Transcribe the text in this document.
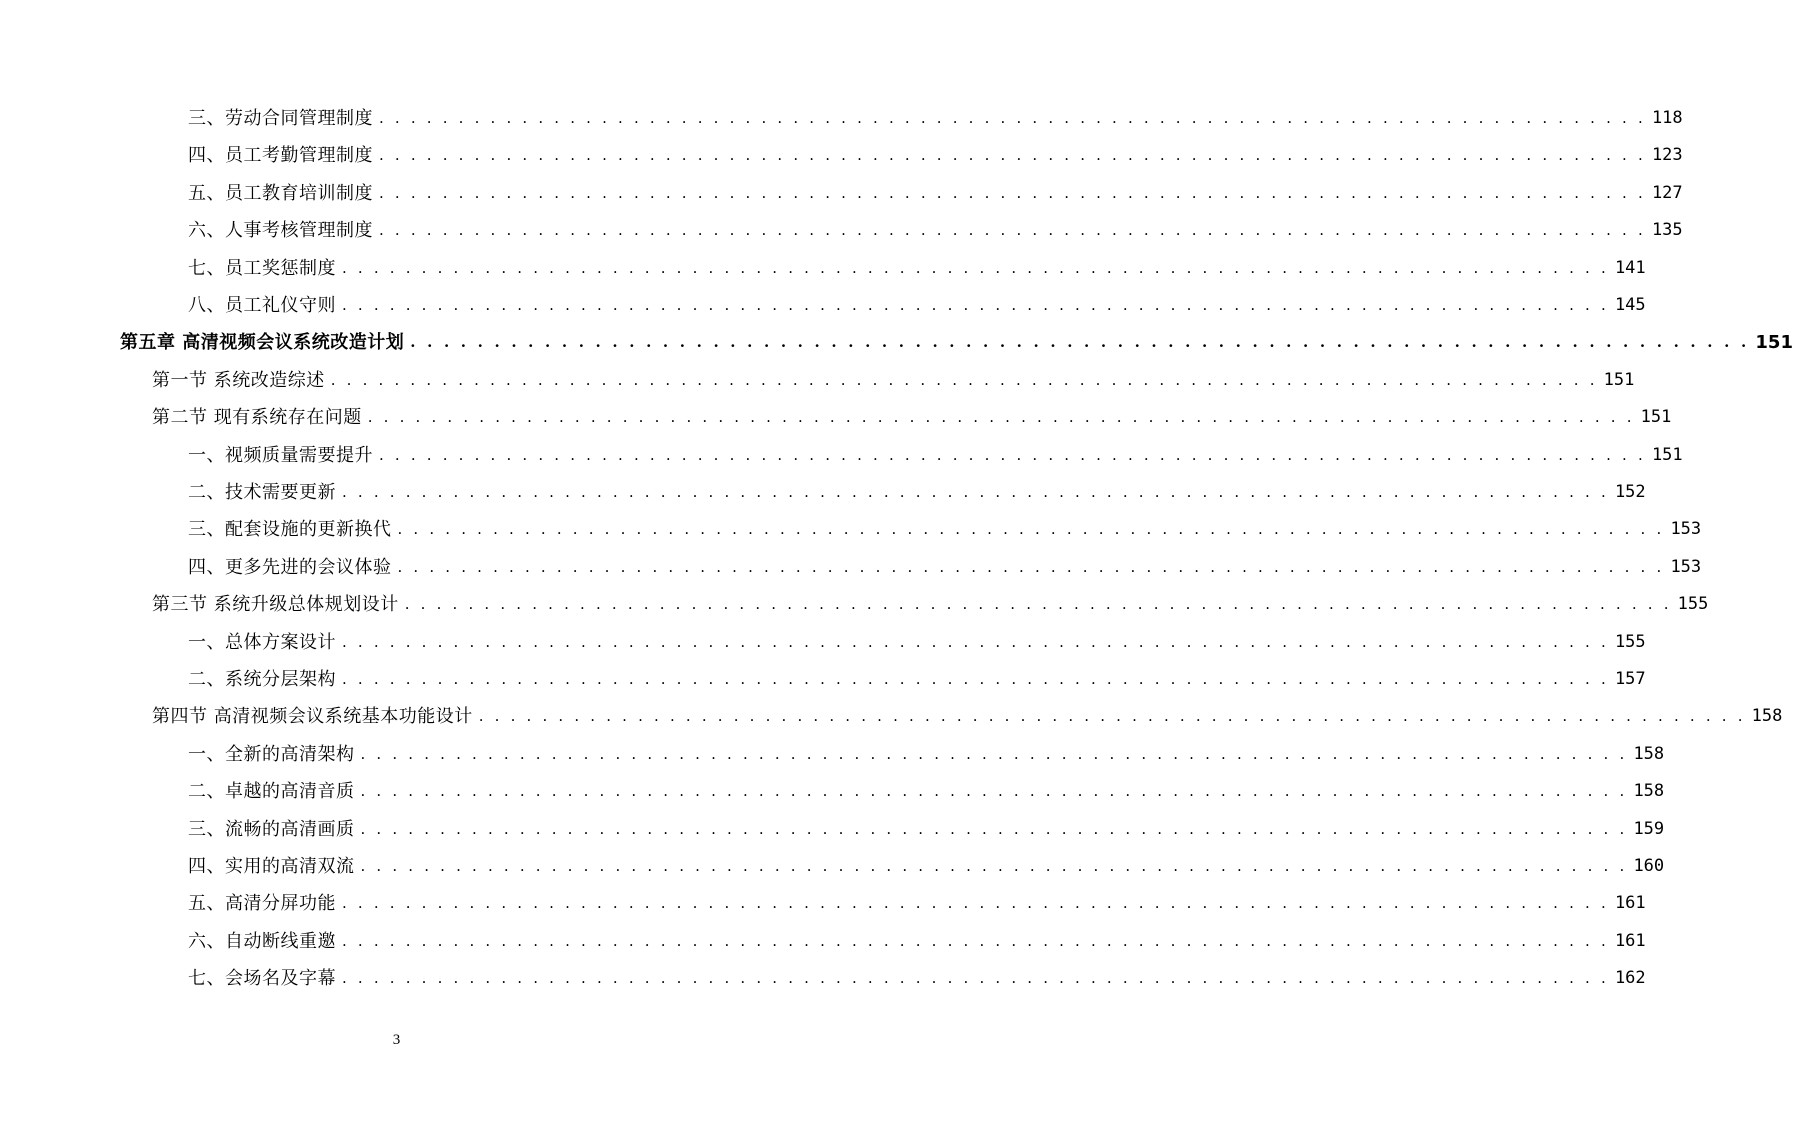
三、劳动合同管理制度 . . . . . . . . . . . . . . . . . . . . . . . . . . . . . . . . . . . . . . . . . . . . . . . . . . . . . . . . . . . . . . . . . . . . . . . . . . . . . . . . 118
四、员工考勤管理制度 . . . . . . . . . . . . . . . . . . . . . . . . . . . . . . . . . . . . . . . . . . . . . . . . . . . . . . . . . . . . . . . . . . . . . . . . . . . . . . . . 123
五、员工教育培训制度 . . . . . . . . . . . . . . . . . . . . . . . . . . . . . . . . . . . . . . . . . . . . . . . . . . . . . . . . . . . . . . . . . . . . . . . . . . . . . . . . 127
六、人事考核管理制度 . . . . . . . . . . . . . . . . . . . . . . . . . . . . . . . . . . . . . . . . . . . . . . . . . . . . . . . . . . . . . . . . . . . . . . . . . . . . . . . . 135
七、员工奖惩制度 . . . . . . . . . . . . . . . . . . . . . . . . . . . . . . . . . . . . . . . . . . . . . . . . . . . . . . . . . . . . . . . . . . . . . . . . . . . . . . . . 141
八、员工礼仪守则 . . . . . . . . . . . . . . . . . . . . . . . . . . . . . . . . . . . . . . . . . . . . . . . . . . . . . . . . . . . . . . . . . . . . . . . . . . . . . . . . 145
第五章 高清视频会议系统改造计划 . . . . . . . . . . . . . . . . . . . . . . . . . . . . . . . . . . . . . . . . . . . . . . . . . . . . . . . . . . . . . . . . . . . . . . . . . . . . . . . . 151
第一节 系统改造综述 . . . . . . . . . . . . . . . . . . . . . . . . . . . . . . . . . . . . . . . . . . . . . . . . . . . . . . . . . . . . . . . . . . . . . . . . . . . . . . . . 151
第二节 现有系统存在问题 . . . . . . . . . . . . . . . . . . . . . . . . . . . . . . . . . . . . . . . . . . . . . . . . . . . . . . . . . . . . . . . . . . . . . . . . . . . . . . . . 151
一、视频质量需要提升 . . . . . . . . . . . . . . . . . . . . . . . . . . . . . . . . . . . . . . . . . . . . . . . . . . . . . . . . . . . . . . . . . . . . . . . . . . . . . . . . 151
二、技术需要更新 . . . . . . . . . . . . . . . . . . . . . . . . . . . . . . . . . . . . . . . . . . . . . . . . . . . . . . . . . . . . . . . . . . . . . . . . . . . . . . . . 152
三、配套设施的更新换代 . . . . . . . . . . . . . . . . . . . . . . . . . . . . . . . . . . . . . . . . . . . . . . . . . . . . . . . . . . . . . . . . . . . . . . . . . . . . . . . . 153
四、更多先进的会议体验 . . . . . . . . . . . . . . . . . . . . . . . . . . . . . . . . . . . . . . . . . . . . . . . . . . . . . . . . . . . . . . . . . . . . . . . . . . . . . . . . 153
第三节 系统升级总体规划设计 . . . . . . . . . . . . . . . . . . . . . . . . . . . . . . . . . . . . . . . . . . . . . . . . . . . . . . . . . . . . . . . . . . . . . . . . . . . . . . . . 155
一、总体方案设计 . . . . . . . . . . . . . . . . . . . . . . . . . . . . . . . . . . . . . . . . . . . . . . . . . . . . . . . . . . . . . . . . . . . . . . . . . . . . . . . . 155
二、系统分层架构 . . . . . . . . . . . . . . . . . . . . . . . . . . . . . . . . . . . . . . . . . . . . . . . . . . . . . . . . . . . . . . . . . . . . . . . . . . . . . . . . 157
第四节 高清视频会议系统基本功能设计 . . . . . . . . . . . . . . . . . . . . . . . . . . . . . . . . . . . . . . . . . . . . . . . . . . . . . . . . . . . . . . . . . . . . . . . . . . . . . . . . 158
一、全新的高清架构 . . . . . . . . . . . . . . . . . . . . . . . . . . . . . . . . . . . . . . . . . . . . . . . . . . . . . . . . . . . . . . . . . . . . . . . . . . . . . . . . 158
二、卓越的高清音质 . . . . . . . . . . . . . . . . . . . . . . . . . . . . . . . . . . . . . . . . . . . . . . . . . . . . . . . . . . . . . . . . . . . . . . . . . . . . . . . . 158
三、流畅的高清画质 . . . . . . . . . . . . . . . . . . . . . . . . . . . . . . . . . . . . . . . . . . . . . . . . . . . . . . . . . . . . . . . . . . . . . . . . . . . . . . . . 159
四、实用的高清双流 . . . . . . . . . . . . . . . . . . . . . . . . . . . . . . . . . . . . . . . . . . . . . . . . . . . . . . . . . . . . . . . . . . . . . . . . . . . . . . . . 160
五、高清分屏功能 . . . . . . . . . . . . . . . . . . . . . . . . . . . . . . . . . . . . . . . . . . . . . . . . . . . . . . . . . . . . . . . . . . . . . . . . . . . . . . . . 161
六、自动断线重邀 . . . . . . . . . . . . . . . . . . . . . . . . . . . . . . . . . . . . . . . . . . . . . . . . . . . . . . . . . . . . . . . . . . . . . . . . . . . . . . . . 161
七、会场名及字幕 . . . . . . . . . . . . . . . . . . . . . . . . . . . . . . . . . . . . . . . . . . . . . . . . . . . . . . . . . . . . . . . . . . . . . . . . . . . . . . . . 162
3
